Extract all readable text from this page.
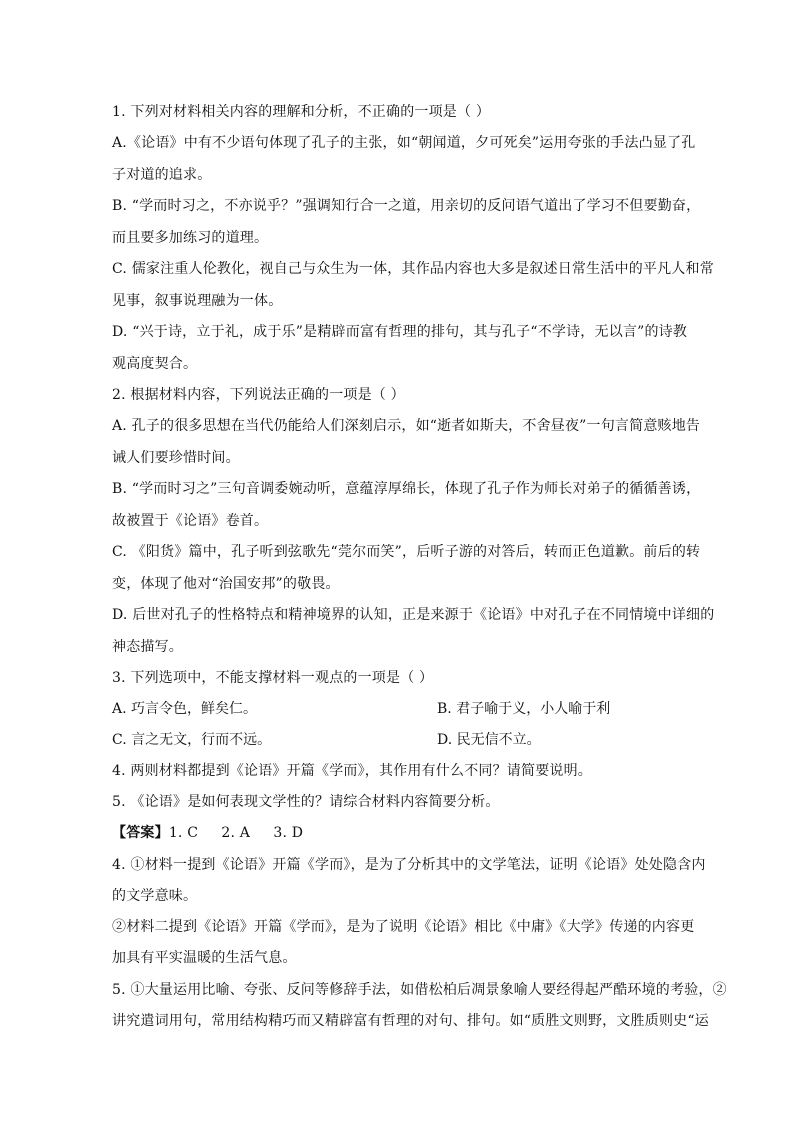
1. 下列对材料相关内容的理解和分析，不正确的一项是（ ）
A.《论语》中有不少语句体现了孔子的主张，如“朝闻道，夕可死矣”运用夸张的手法凸显了孔
子对道的追求。
B. “学而时习之，不亦说乎？”强调知行合一之道，用亲切的反问语气道出了学习不但要勤奋，
而且要多加练习的道理。
C. 儒家注重人伦教化，视自己与众生为一体，其作品内容也大多是叙述日常生活中的平凡人和常
见事，叙事说理融为一体。
D. “兴于诗，立于礼，成于乐”是精辟而富有哲理的排句，其与孔子“不学诗，无以言”的诗教
观高度契合。
2. 根据材料内容，下列说法正确的一项是（ ）
A. 孔子的很多思想在当代仍能给人们深刻启示，如“逝者如斯夫，不舍昼夜”一句言简意赅地告
诫人们要珍惜时间。
B. “学而时习之”三句音调委婉动听，意蕴淳厚绵长，体现了孔子作为师长对弟子的循循善诱，
故被置于《论语》卷首。
C. 《阳货》篇中，孔子听到弦歌先“莞尔而笑”，后听子游的对答后，转而正色道歉。前后的转
变，体现了他对“治国安邦”的敬畏。
D. 后世对孔子的性格特点和精神境界的认知，正是来源于《论语》中对孔子在不同情境中详细的
神态描写。
3. 下列选项中，不能支撑材料一观点的一项是（ ）
A. 巧言令色，鲜矣仁。	B. 君子喻于义，小人喻于利
C. 言之无文，行而不远。	D. 民无信不立。
4. 两则材料都提到《论语》开篇《学而》，其作用有什么不同？请简要说明。
5. 《论语》是如何表现文学性的？请综合材料内容简要分析。
【答案】1. C     2. A     3. D
4. ①材料一提到《论语》开篇《学而》，是为了分析其中的文学笔法，证明《论语》处处隐含内
的文学意味。
②材料二提到《论语》开篇《学而》，是为了说明《论语》相比《中庸》《大学》传递的内容更
加具有平实温暖的生活气息。
5. ①大量运用比喻、夸张、反问等修辞手法，如借松柏后凋景象喻人要经得起严酷环境的考验，②
讲究遣词用句，常用结构精巧而又精辟富有哲理的对句、排句。如“质胜文则野，文胜质则史“运
